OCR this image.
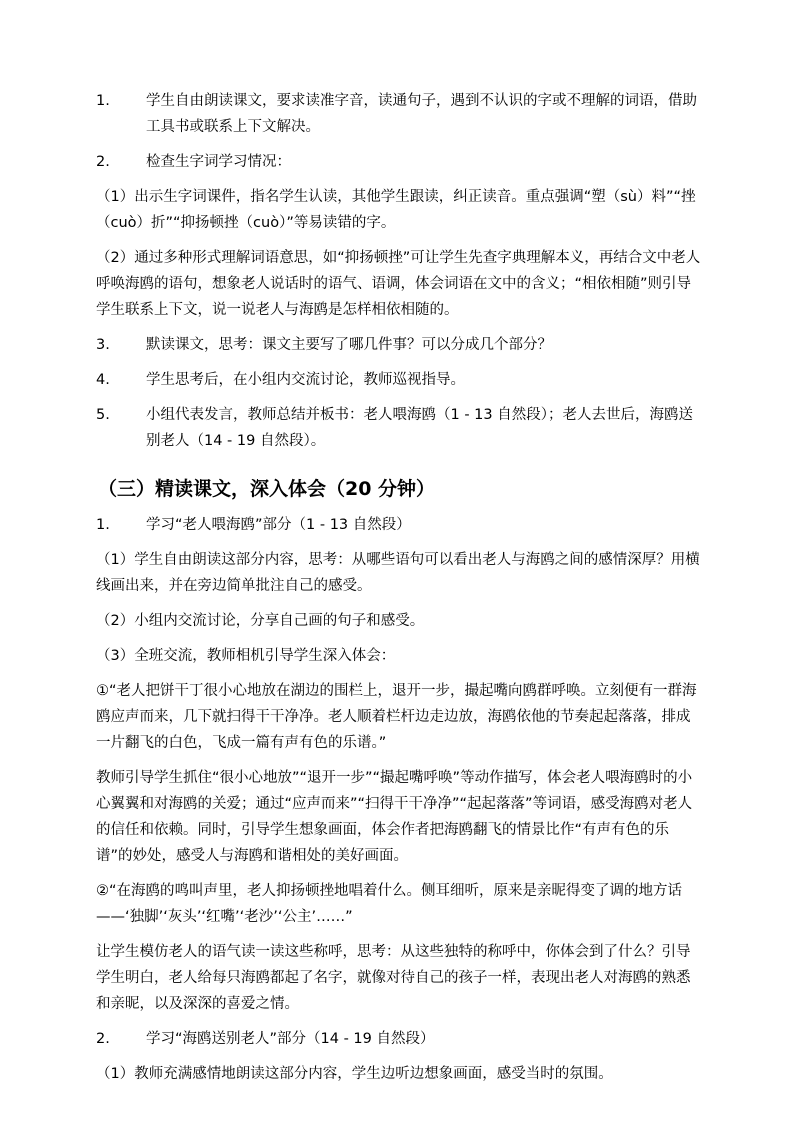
1.	学生自由朗读课文，要求读准字音，读通句子，遇到不认识的字或不理解的词语，借助工具书或联系上下文解决。
2.	检查生字词学习情况：

（1）出示生字词课件，指名学生认读，其他学生跟读，纠正读音。重点强调“塑（sù）料”“挫（cuò）折”“抑扬顿挫（cuò）”等易读错的字。

（2）通过多种形式理解词语意思，如“抑扬顿挫”可让学生先查字典理解本义，再结合文中老人呼唤海鸥的语句，想象老人说话时的语气、语调，体会词语在文中的含义；“相依相随”则引导学生联系上下文，说一说老人与海鸥是怎样相依相随的。

3.	默读课文，思考：课文主要写了哪几件事？可以分成几个部分？
4.	学生思考后，在小组内交流讨论，教师巡视指导。
5.	小组代表发言，教师总结并板书：老人喂海鸥（1 - 13 自然段）；老人去世后，海鸥送别老人（14 - 19 自然段）。
（三）精读课文，深入体会（20 分钟）
1.	学习“老人喂海鸥”部分（1 - 13 自然段）

（1）学生自由朗读这部分内容，思考：从哪些语句可以看出老人与海鸥之间的感情深厚？用横线画出来，并在旁边简单批注自己的感受。

（2）小组内交流讨论，分享自己画的句子和感受。

（3）全班交流，教师相机引导学生深入体会：

①“老人把饼干丁很小心地放在湖边的围栏上，退开一步，撮起嘴向鸥群呼唤。立刻便有一群海鸥应声而来，几下就扫得干干净净。老人顺着栏杆边走边放，海鸥依他的节奏起起落落，排成一片翻飞的白色，飞成一篇有声有色的乐谱。”

教师引导学生抓住“很小心地放”“退开一步”“撮起嘴呼唤”等动作描写，体会老人喂海鸥时的小心翼翼和对海鸥的关爱；通过“应声而来”“扫得干干净净”“起起落落”等词语，感受海鸥对老人的信任和依赖。同时，引导学生想象画面，体会作者把海鸥翻飞的情景比作“有声有色的乐谱”的妙处，感受人与海鸥和谐相处的美好画面。

②“在海鸥的鸣叫声里，老人抑扬顿挫地唱着什么。侧耳细听，原来是亲昵得变了调的地方话——‘独脚’‘灰头’‘红嘴’‘老沙’‘公主’……”

让学生模仿老人的语气读一读这些称呼，思考：从这些独特的称呼中，你体会到了什么？引导学生明白，老人给每只海鸥都起了名字，就像对待自己的孩子一样，表现出老人对海鸥的熟悉和亲昵，以及深深的喜爱之情。

2.	学习“海鸥送别老人”部分（14 - 19 自然段）

（1）教师充满感情地朗读这部分内容，学生边听边想象画面，感受当时的氛围。
